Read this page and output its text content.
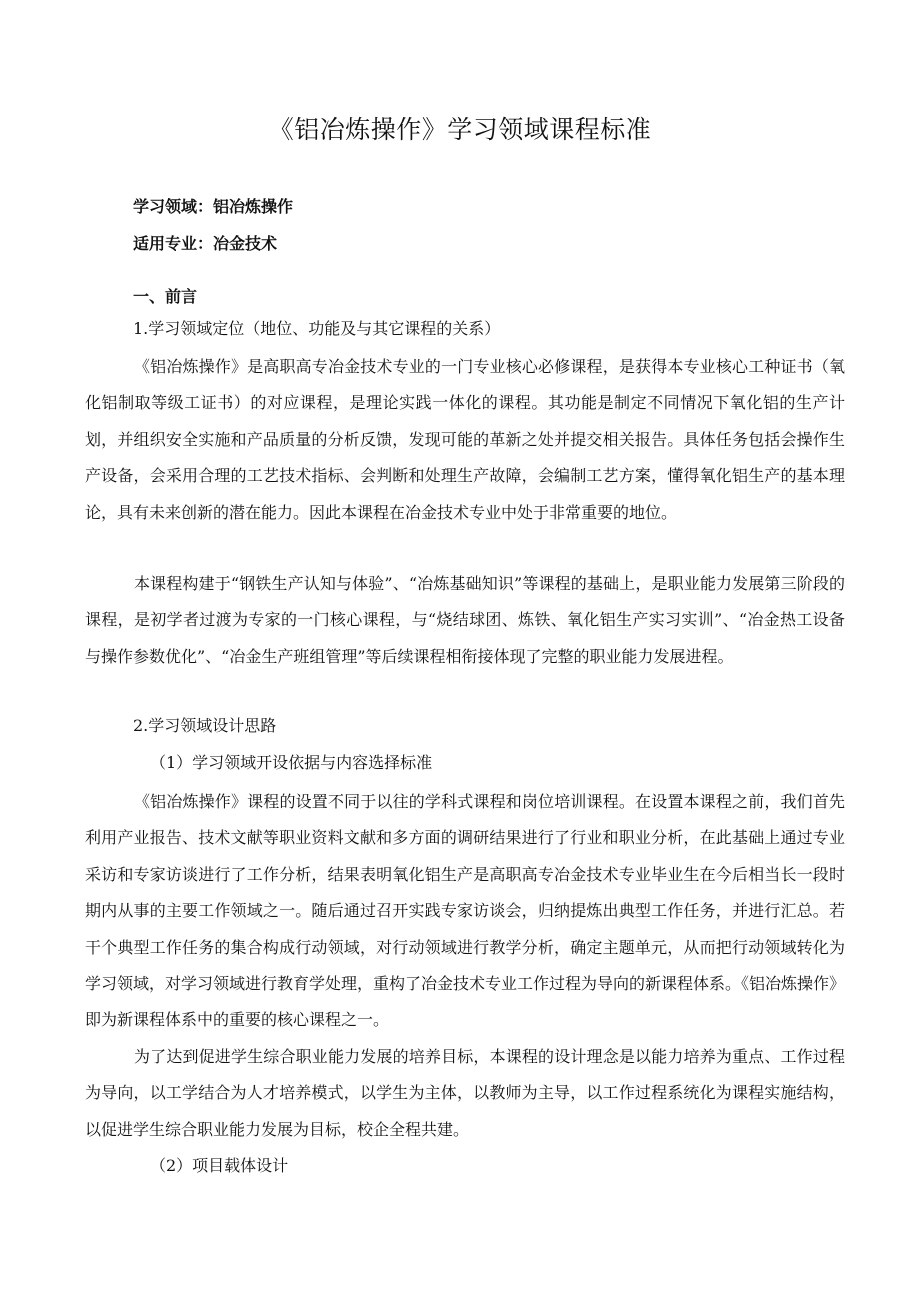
《铝冶炼操作》学习领域课程标准
学习领域：铝冶炼操作
适用专业：冶金技术
一、前言
1.学习领域定位（地位、功能及与其它课程的关系）

《铝冶炼操作》是高职高专冶金技术专业的一门专业核心必修课程，是获得本专业核心工种证书（氧化铝制取等级工证书）的对应课程，是理论实践一体化的课程。其功能是制定不同情况下氧化铝的生产计划，并组织安全实施和产品质量的分析反馈，发现可能的革新之处并提交相关报告。具体任务包括会操作生产设备，会采用合理的工艺技术指标、会判断和处理生产故障，会编制工艺方案，懂得氧化铝生产的基本理论，具有未来创新的潜在能力。因此本课程在冶金技术专业中处于非常重要的地位。

本课程构建于“钢铁生产认知与体验”、“冶炼基础知识”等课程的基础上，是职业能力发展第三阶段的课程，是初学者过渡为专家的一门核心课程，与“烧结球团、炼铁、氧化铝生产实习实训”、“冶金热工设备与操作参数优化”、“冶金生产班组管理”等后续课程相衔接体现了完整的职业能力发展进程。

2.学习领域设计思路
（1）学习领域开设依据与内容选择标准

《铝冶炼操作》课程的设置不同于以往的学科式课程和岗位培训课程。在设置本课程之前，我们首先利用产业报告、技术文献等职业资料文献和多方面的调研结果进行了行业和职业分析，在此基础上通过专业采访和专家访谈进行了工作分析，结果表明氧化铝生产是高职高专冶金技术专业毕业生在今后相当长一段时期内从事的主要工作领域之一。随后通过召开实践专家访谈会，归纳提炼出典型工作任务，并进行汇总。若干个典型工作任务的集合构成行动领域，对行动领域进行教学分析，确定主题单元，从而把行动领域转化为学习领域，对学习领域进行教育学处理，重构了冶金技术专业工作过程为导向的新课程体系。《铝冶炼操作》即为新课程体系中的重要的核心课程之一。

为了达到促进学生综合职业能力发展的培养目标，本课程的设计理念是以能力培养为重点、工作过程为导向，以工学结合为人才培养模式，以学生为主体，以教师为主导，以工作过程系统化为课程实施结构，以促进学生综合职业能力发展为目标，校企全程共建。

（2）项目载体设计
